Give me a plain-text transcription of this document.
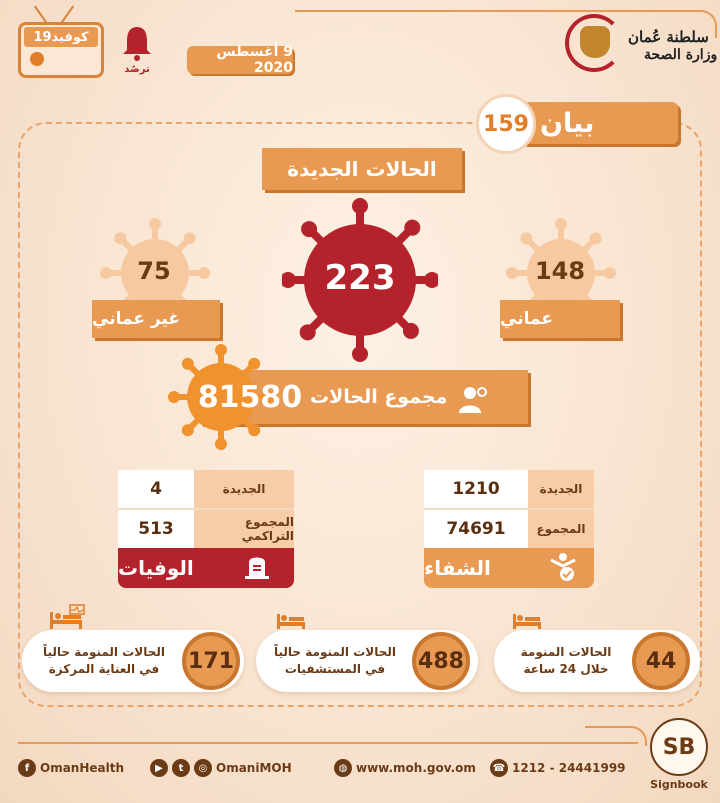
سلطنة عُمان
وزارة الصحة
9 أغسطس 2020
ترصُد
كوفيد19
بيان
159
الحالات الجديدة
223	148
عماني
75
غير عماني
81580 مجموع الحالات
1210	الجديدة
74691	المجموع
الشفاء
4	الجديدة
513	المجموع التراكمي
الوفيات
44
الحالات المنومة
خلال 24 ساعة
488
الحالات المنومة حالياً
في المستشفيات
171
الحالات المنومة حالياً
في العناية المركزة
☎ 1212 - 24441999
◍ www.moh.gov.om
▶	t	◎ OmaniMOH
f OmanHealth
SB
Signbook
